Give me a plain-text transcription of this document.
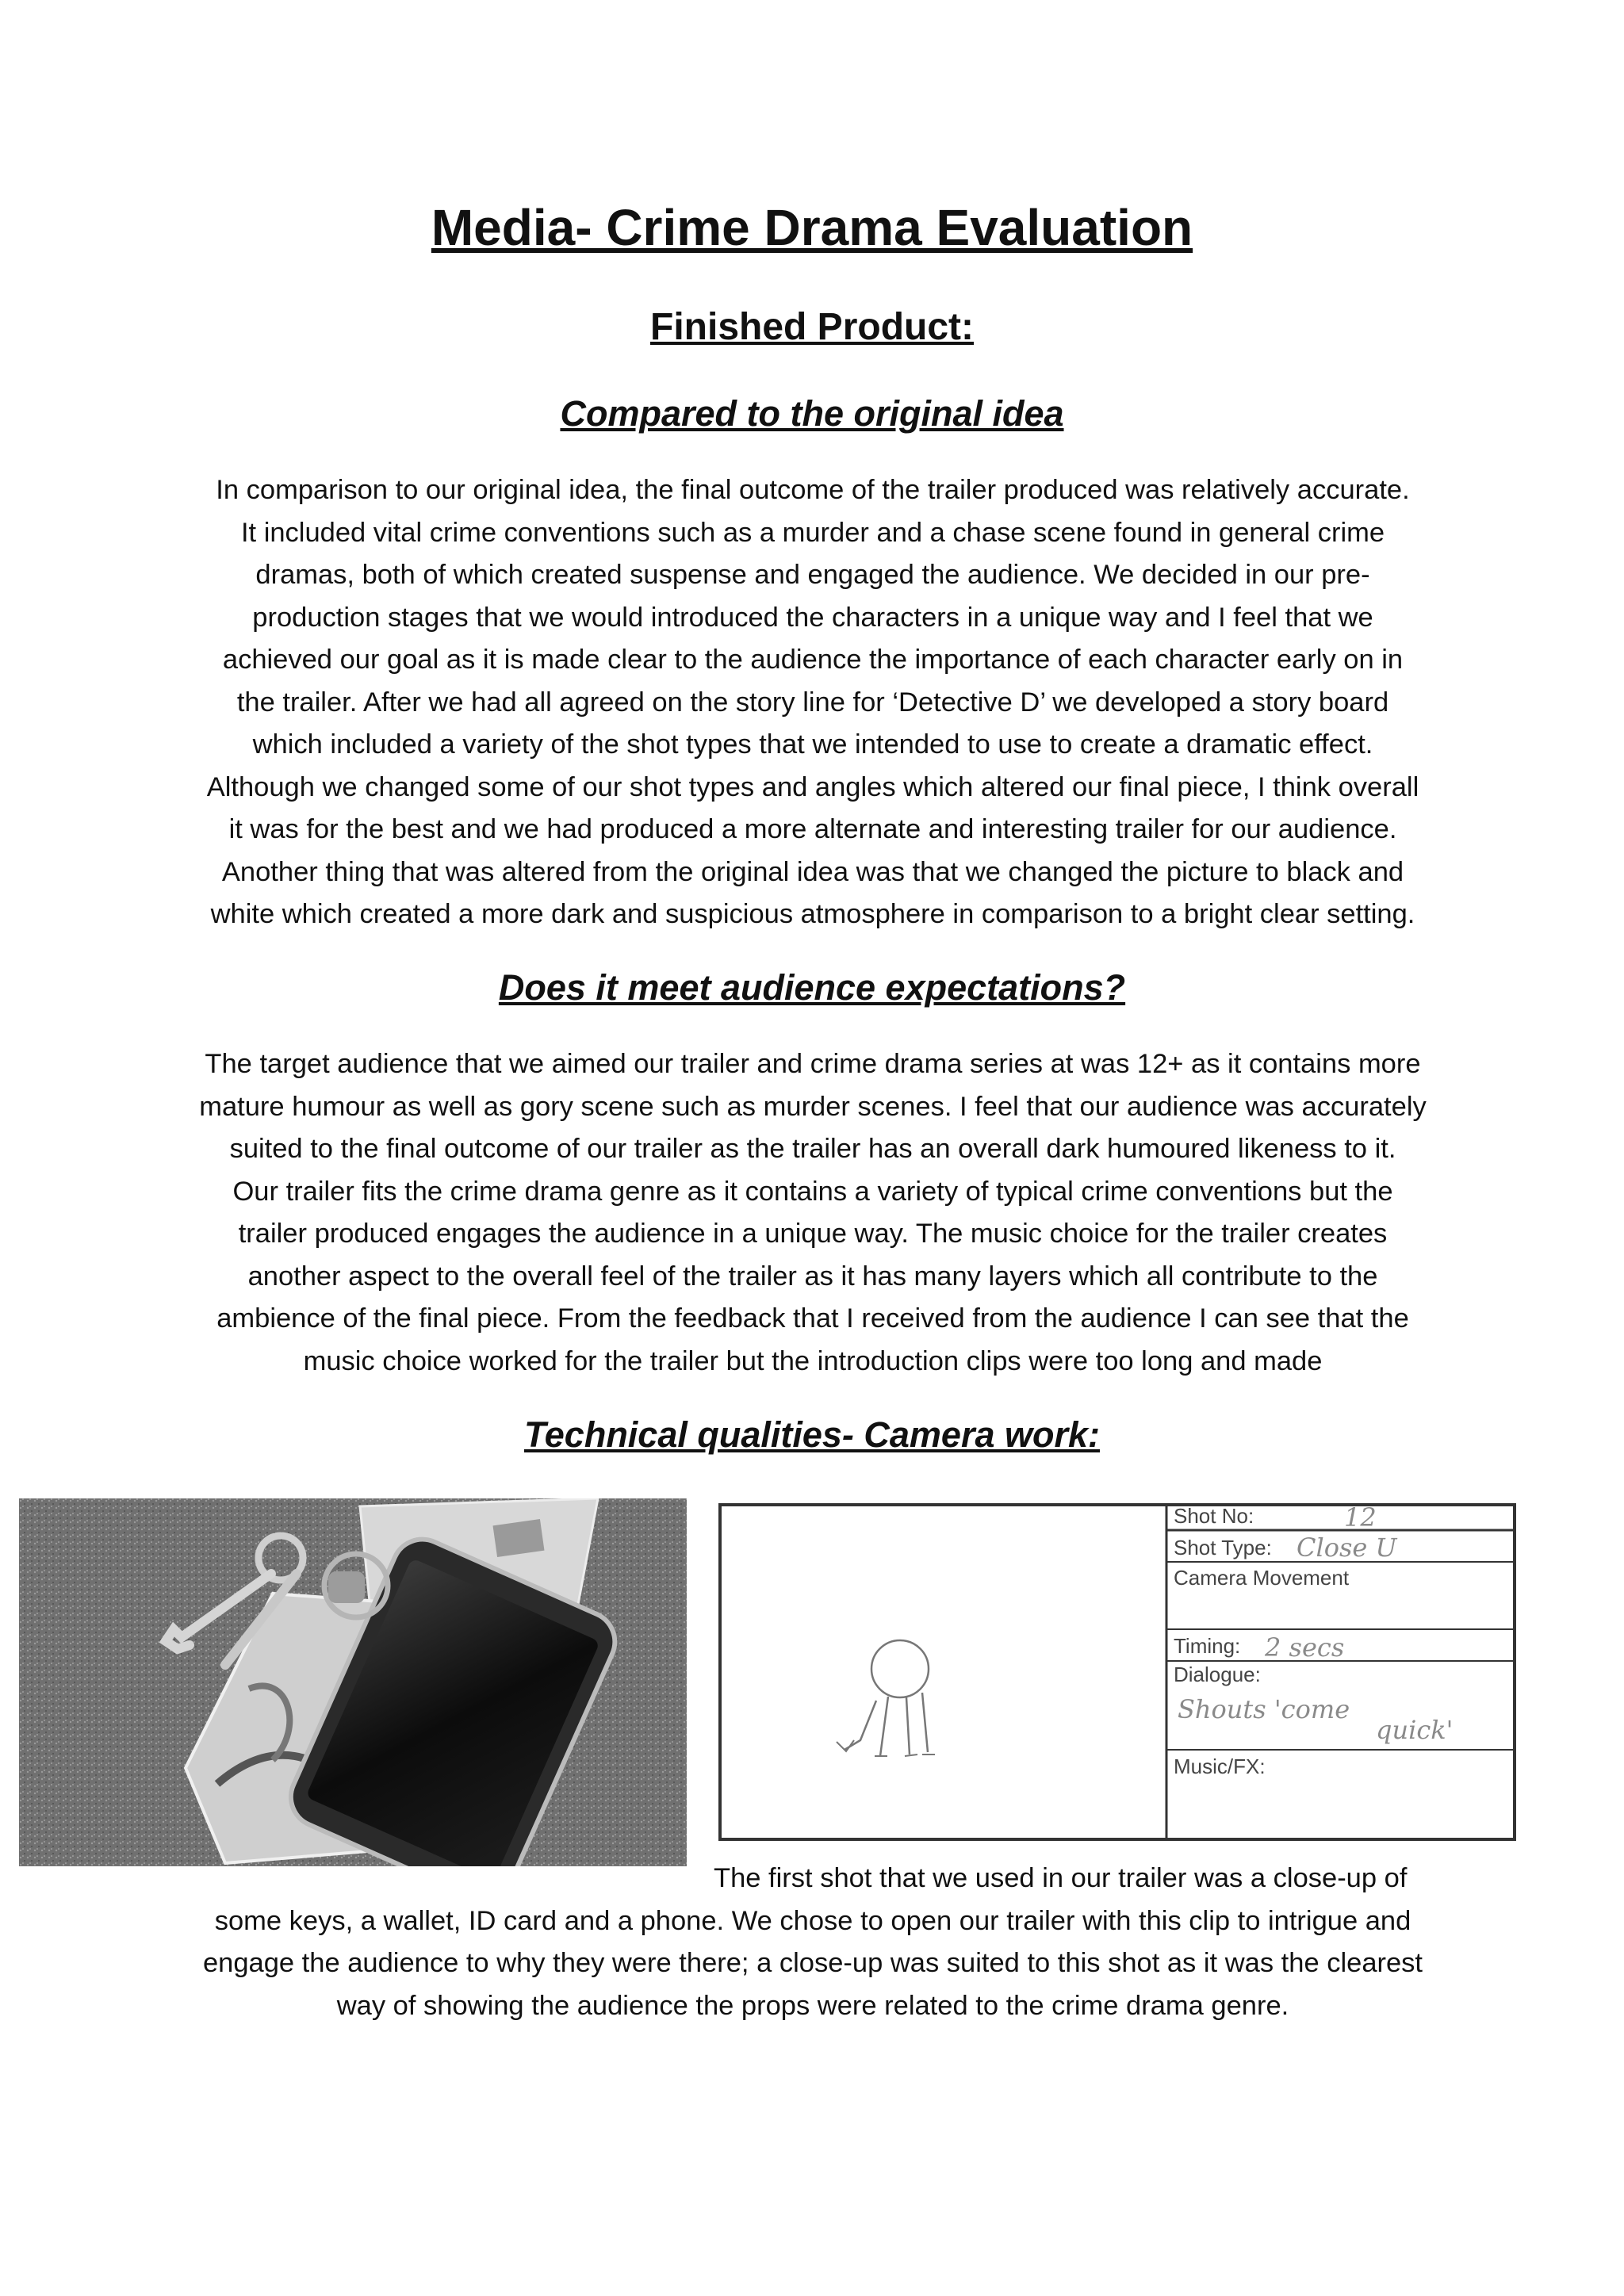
Media- Crime Drama Evaluation
Finished Product:
Compared to the original idea
In comparison to our original idea, the final outcome of the trailer produced was relatively accurate.
It included vital crime conventions such as a murder and a chase scene found in general crime
dramas, both of which created suspense and engaged the audience. We decided in our pre-
production stages that we would introduced the characters in a unique way and I feel that we
achieved our goal as it is made clear to the audience the importance of each character early on in
the trailer. After we had all agreed on the story line for ‘Detective D’ we developed a story board
which included a variety of the shot types that we intended to use to create a dramatic effect.
Although we changed some of our shot types and angles which altered our final piece, I think overall
it was for the best and we had produced a more alternate and interesting trailer for our audience.
Another thing that was altered from the original idea was that we changed the picture to black and
white which created a more dark and suspicious atmosphere in comparison to a bright clear setting.
Does it meet audience expectations?
The target audience that we aimed our trailer and crime drama series at was 12+ as it contains more
mature humour as well as gory scene such as murder scenes. I feel that our audience was accurately
suited to the final outcome of our trailer as the trailer has an overall dark humoured likeness to it.
Our trailer fits the crime drama genre as it contains a variety of typical crime conventions but the
trailer produced engages the audience in a unique way. The music choice for the trailer creates
another aspect to the overall feel of the trailer as it has many layers which all contribute to the
ambience of the final piece. From the feedback that I received from the audience I can see that the
music choice worked for the trailer but the introduction clips were too long and made
Technical qualities- Camera work:
Shot No:	12
Shot Type: Close U
Camera Movement
Timing: 2 secs
Dialogue:
Shouts 'come
quick'
Music/FX:
The first shot that we used in our trailer was a close-up of
some keys, a wallet, ID card and a phone. We chose to open our trailer with this clip to intrigue and
engage the audience to why they were there; a close-up was suited to this shot as it was the clearest
way of showing the audience the props were related to the crime drama genre.
